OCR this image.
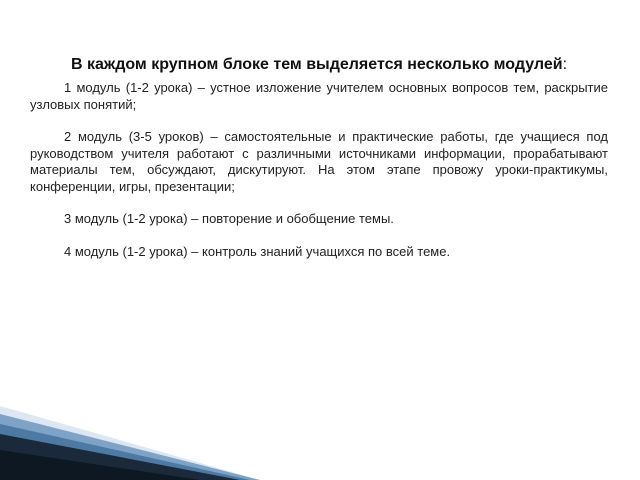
В каждом крупном блоке тем выделяется несколько модулей:

1 модуль (1-2 урока) – устное изложение учителем основных вопросов тем, раскрытие узловых понятий;

2 модуль (3-5 уроков) – самостоятельные и практические работы, где учащиеся под руководством учителя работают с различными источниками информации, прорабатывают материалы тем, обсуждают, дискутируют. На этом этапе провожу уроки-практикумы, конференции, игры, презентации;

3 модуль (1-2 урока) – повторение и обобщение темы.

4 модуль (1-2 урока) – контроль знаний учащихся по всей теме.
